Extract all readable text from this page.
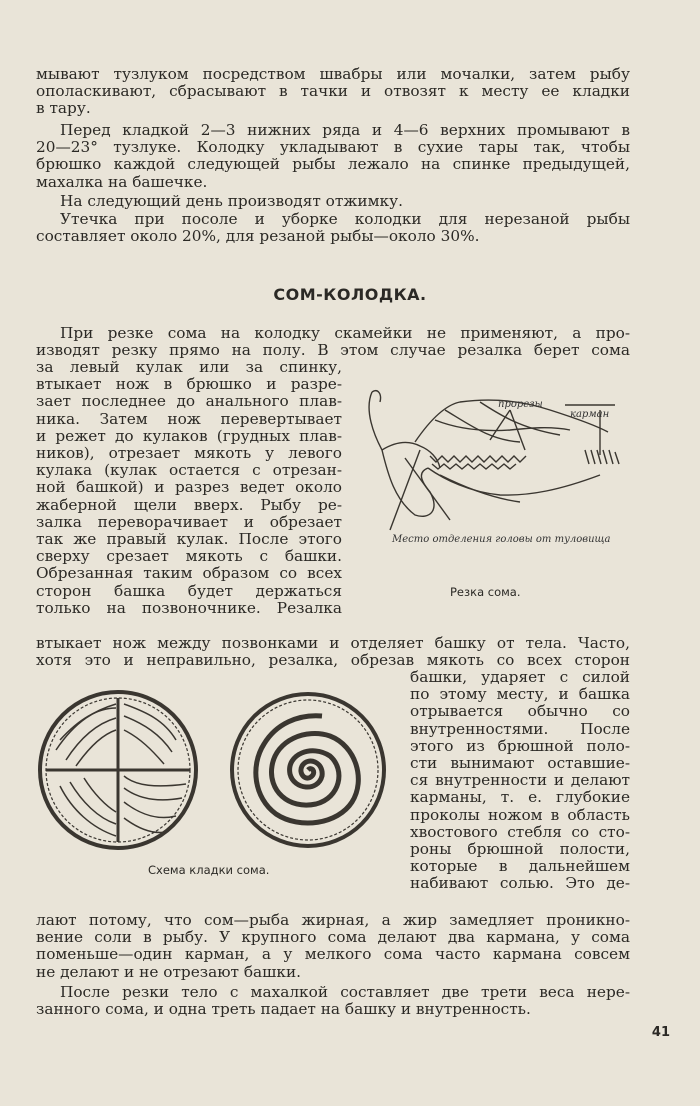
мывают тузлуком посредством швабры или мочалки, затем рыбу
ополаскивают, сбрасывают в тачки и отвозят к месту ее кладки
в тару.
Перед кладкой 2—3 нижних ряда и 4—6 верхних промывают в
20—23° тузлуке. Колодку укладывают в сухие тары так, чтобы
брюшко каждой следующей рыбы лежало на спинке предыдущей,
махалка на башечке.
На следующий день производят отжимку.
Утечка при посоле и уборке колодки для нерезаной рыбы
составляет около 20%, для резаной рыбы—около 30%.
СОМ-КОЛОДКА.
При резке сома на колодку скамейки не применяют, а про-
изводят резку прямо на полу. В этом случае резалка берет сома
за левый кулак или за спинку,
втыкает нож в брюшко и разре-
зает последнее до анального плав-
ника. Затем нож перевертывает
и режет до кулаков (грудных плав-
ников), отрезает мякоть у левого
кулака (кулак остается с отрезан-
ной башкой) и разрез ведет около
жаберной щели вверх. Рыбу ре-
залка переворачивает и обрезает
так же правый кулак. После этого
сверху срезает мякоть с башки.
Обрезанная таким образом со всех
сторон башка будет держаться
только на позвоночнике. Резалка
прорезы
карман
Место отделения головы от туловища
Резка сома.
втыкает нож между позвонками и отделяет башку от тела. Часто,
хотя это и неправильно, резалка, обрезав мякоть со всех сторон
Схема кладки сома.
башки, ударяет с силой
по этому месту, и башка
отрывается обычно со
внутренностями. После
этого из брюшной поло-
сти вынимают оставшие-
ся внутренности и делают
карманы, т. е. глубокие
проколы ножом в область
хвостового стебля со сто-
роны брюшной полости,
которые в дальнейшем
набивают солью. Это де-
лают потому, что сом—рыба жирная, а жир замедляет проникно-
вение соли в рыбу. У крупного сома делают два кармана, у сома
поменьше—один карман, а у мелкого сома часто кармана совсем
не делают и не отрезают башки.
После резки тело с махалкой составляет две трети веса нере-
занного сома, и одна треть падает на башку и внутренность.
41
